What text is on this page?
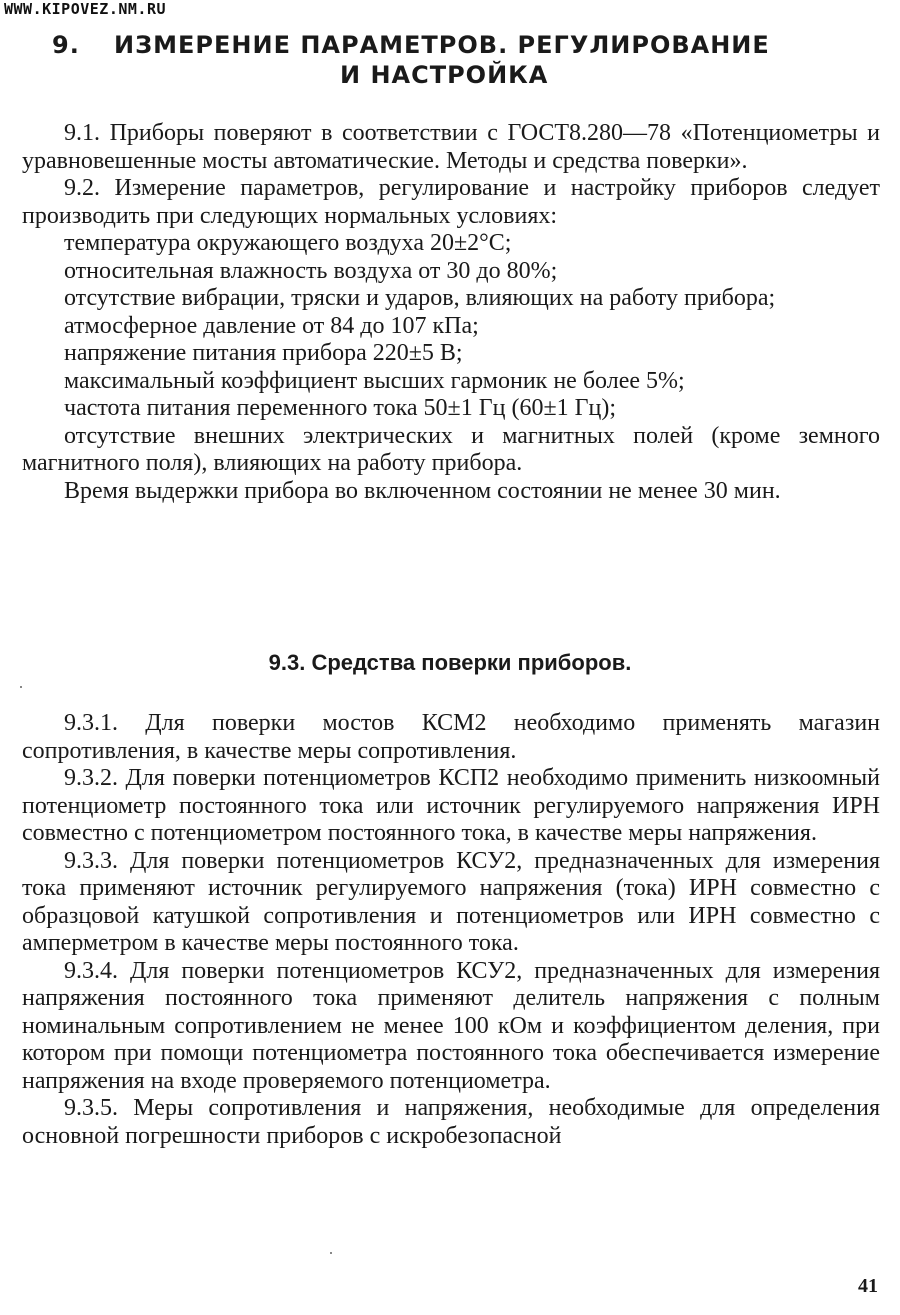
WWW.KIPOVEZ.NM.RU
9.	ИЗМЕРЕНИЕ ПАРАМЕТРОВ. РЕГУЛИРОВАНИЕ
И НАСТРОЙКА

9.1. Приборы поверяют в соответствии с ГОСТ8.280—78 «Потенциометры и уравновешенные мосты автоматические. Методы и средства поверки».

9.2. Измерение параметров, регулирование и настройку приборов следует производить при следующих нормальных условиях:

температура окружающего воздуха 20±2°С;

относительная влажность воздуха от 30 до 80%;

отсутствие вибрации, тряски и ударов, влияющих на работу прибора;

атмосферное давление от 84 до 107 кПа;

напряжение питания прибора 220±5 В;

максимальный коэффициент высших гармоник не более 5%;

частота питания переменного тока 50±1 Гц (60±1 Гц);

отсутствие внешних электрических и магнитных полей (кроме земного магнитного поля), влияющих на работу прибора.

Время выдержки прибора во включенном состоянии не менее 30 мин.

9.3. Средства поверки приборов.

9.3.1. Для поверки мостов КСМ2 необходимо применять магазин сопротивления, в качестве меры сопротивления.

9.3.2. Для поверки потенциометров КСП2 необходимо применить низкоомный потенциометр постоянного тока или источник регулируемого напряжения ИРН совместно с потенциометром постоянного тока, в качестве меры напряжения.

9.3.3. Для поверки потенциометров КСУ2, предназначенных для измерения тока применяют источник регулируемого напряжения (тока) ИРН совместно с образцовой катушкой сопротивления и потенциометров или ИРН совместно с амперметром в качестве меры постоянного тока.

9.3.4. Для поверки потенциометров КСУ2, предназначенных для измерения напряжения постоянного тока применяют делитель напряжения с полным номинальным сопротивлением не менее 100 кОм и коэффициентом деления, при котором при помощи потенциометра постоянного тока обеспечивается измерение напряжения на входе проверяемого потенциометра.

9.3.5. Меры сопротивления и напряжения, необходимые для определения основной погрешности приборов с искробезопасной

41
